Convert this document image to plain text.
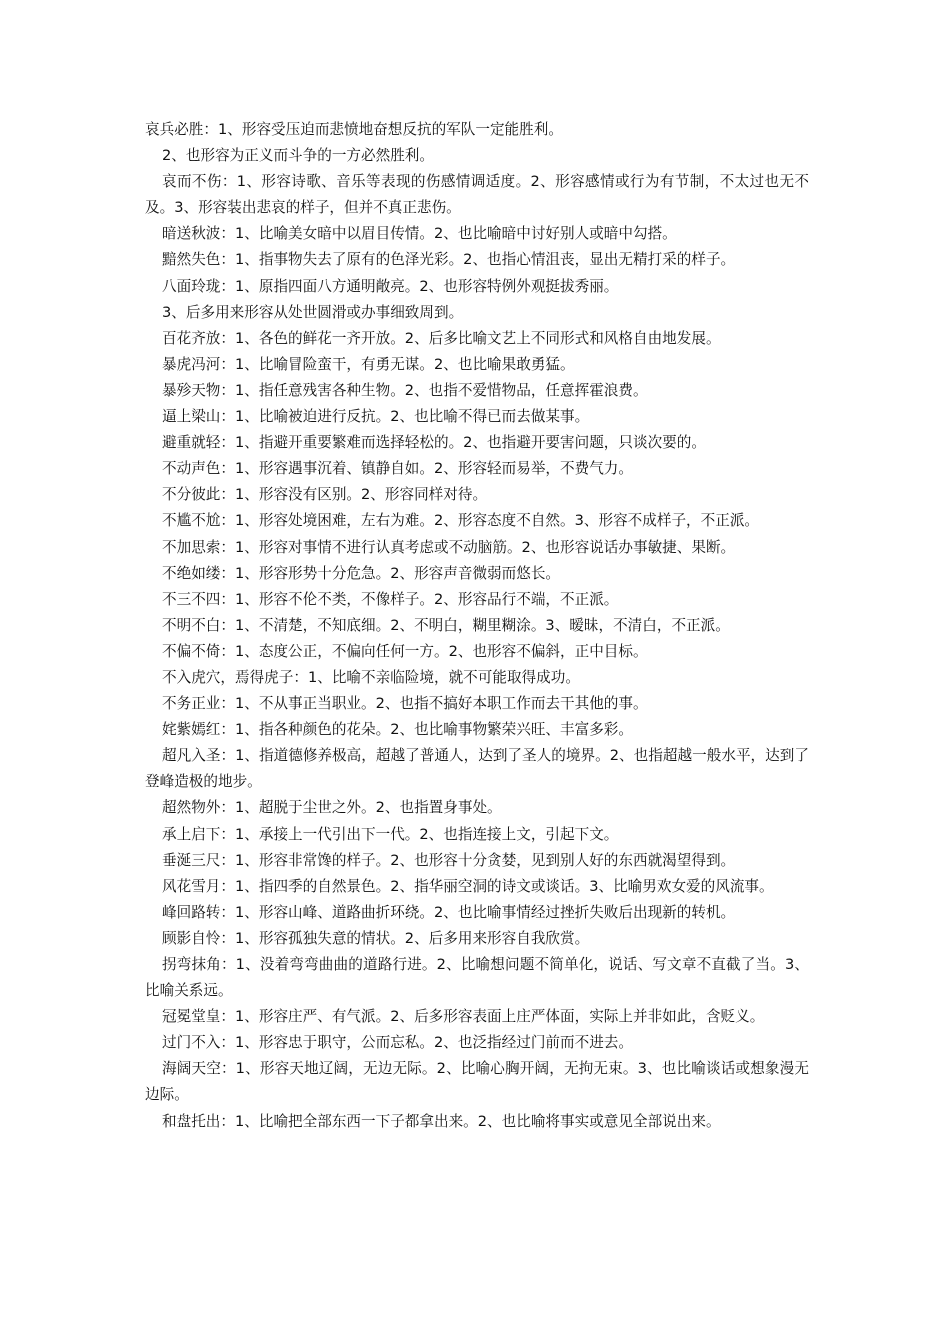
哀兵必胜：1、形容受压迫而悲愤地奋想反抗的军队一定能胜利。

2、也形容为正义而斗争的一方必然胜利。

哀而不伤：1、形容诗歌、音乐等表现的伤感情调适度。2、形容感情或行为有节制，不太过也无不及。3、形容装出悲哀的样子，但并不真正悲伤。

暗送秋波：1、比喻美女暗中以眉目传情。2、也比喻暗中讨好别人或暗中勾搭。

黯然失色：1、指事物失去了原有的色泽光彩。2、也指心情沮丧，显出无精打采的样子。

八面玲珑：1、原指四面八方通明敞亮。2、也形容特例外观挺拔秀丽。

3、后多用来形容从处世圆滑或办事细致周到。

百花齐放：1、各色的鲜花一齐开放。2、后多比喻文艺上不同形式和风格自由地发展。

暴虎冯河：1、比喻冒险蛮干，有勇无谋。2、也比喻果敢勇猛。

暴殄天物：1、指任意残害各种生物。2、也指不爱惜物品，任意挥霍浪费。

逼上梁山：1、比喻被迫进行反抗。2、也比喻不得已而去做某事。

避重就轻：1、指避开重要繁难而选择轻松的。2、也指避开要害问题，只谈次要的。

不动声色：1、形容遇事沉着、镇静自如。2、形容轻而易举，不费气力。

不分彼此：1、形容没有区别。2、形容同样对待。

不尴不尬：1、形容处境困难，左右为难。2、形容态度不自然。3、形容不成样子，不正派。

不加思索：1、形容对事情不进行认真考虑或不动脑筋。2、也形容说话办事敏捷、果断。

不绝如缕：1、形容形势十分危急。2、形容声音微弱而悠长。

不三不四：1、形容不伦不类，不像样子。2、形容品行不端，不正派。

不明不白：1、不清楚，不知底细。2、不明白，糊里糊涂。3、暧昧，不清白，不正派。

不偏不倚：1、态度公正，不偏向任何一方。2、也形容不偏斜，正中目标。

不入虎穴，焉得虎子：1、比喻不亲临险境，就不可能取得成功。

不务正业：1、不从事正当职业。2、也指不搞好本职工作而去干其他的事。

姹紫嫣红：1、指各种颜色的花朵。2、也比喻事物繁荣兴旺、丰富多彩。

超凡入圣：1、指道德修养极高，超越了普通人，达到了圣人的境界。2、也指超越一般水平，达到了登峰造极的地步。

超然物外：1、超脱于尘世之外。2、也指置身事处。

承上启下：1、承接上一代引出下一代。2、也指连接上文，引起下文。

垂涎三尺：1、形容非常馋的样子。2、也形容十分贪婪，见到别人好的东西就渴望得到。

风花雪月：1、指四季的自然景色。2、指华丽空洞的诗文或谈话。3、比喻男欢女爱的风流事。

峰回路转：1、形容山峰、道路曲折环绕。2、也比喻事情经过挫折失败后出现新的转机。

顾影自怜：1、形容孤独失意的情状。2、后多用来形容自我欣赏。

拐弯抹角：1、没着弯弯曲曲的道路行进。2、比喻想问题不简单化，说话、写文章不直截了当。3、比喻关系远。

冠冕堂皇：1、形容庄严、有气派。2、后多形容表面上庄严体面，实际上并非如此，含贬义。

过门不入：1、形容忠于职守，公而忘私。2、也泛指经过门前而不进去。

海阔天空：1、形容天地辽阔，无边无际。2、比喻心胸开阔，无拘无束。3、也比喻谈话或想象漫无边际。

和盘托出：1、比喻把全部东西一下子都拿出来。2、也比喻将事实或意见全部说出来。
